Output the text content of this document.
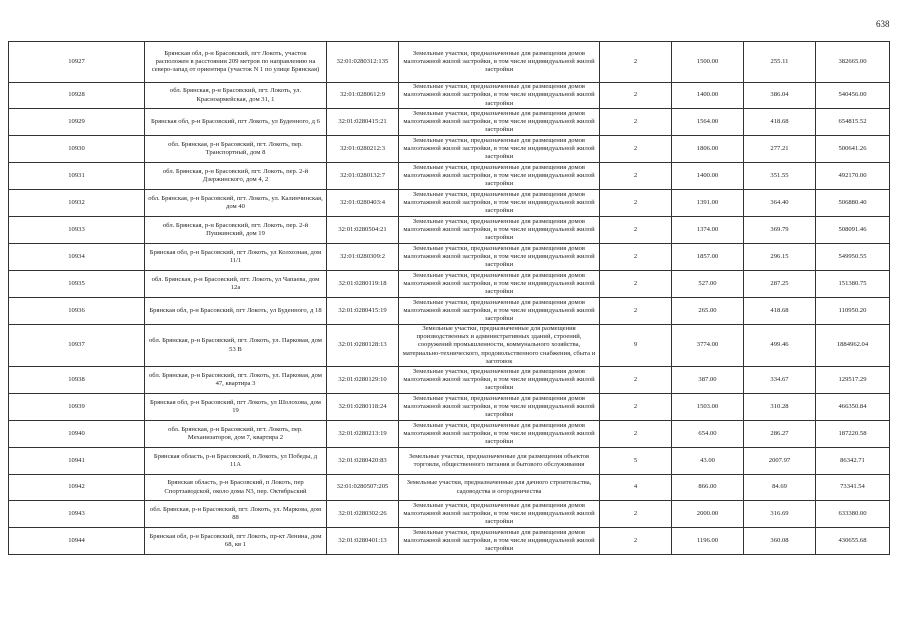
638
10927	Брянская обл, р-н Брасовский, пгт Локоть, участок расположен в расстоянии 209 метров по направлению на северо-запад от ориентира (участок N 1 по улице Брянская)	32:01:0280312:135	Земельные участки, предназначенные для размещения домов малоэтажной жилой застройки, в том числе индивидуальной жилой застройки	2	1500.00	255.11	382665.00
10928	обл. Брянская, р-н Брасовский, пгт. Локоть, ул. Красноармейская, дом 31, 1	32:01:0280612:9	Земельные участки, предназначенные для размещения домов малоэтажной жилой застройки, в том числе индивидуальной жилой застройки	2	1400.00	386.04	540456.00
10929	Брянская обл, р-н Брасовский, пгт Локоть, ул Буденного, д 6	32:01:0280415:21	Земельные участки, предназначенные для размещения домов малоэтажной жилой застройки, в том числе индивидуальной жилой застройки	2	1564.00	418.68	654815.52
10930	обл. Брянская, р-н Брасовский, пгт. Локоть, пер. Транспортный, дом 8	32:01:0280212:3	Земельные участки, предназначенные для размещения домов малоэтажной жилой застройки, в том числе индивидуальной жилой застройки	2	1806.00	277.21	500641.26
10931	обл. Брянская, р-н Брасовский, пгт. Локоть, пер. 2-й Дзержинского, дом 4, 2	32:01:0280132:7	Земельные участки, предназначенные для размещения домов малоэтажной жилой застройки, в том числе индивидуальной жилой застройки	2	1400.00	351.55	492170.00
10932	обл. Брянская, р-н Брасовский, пгт. Локоть, ул. Калинчинская, дом 40	32:01:0280403:4	Земельные участки, предназначенные для размещения домов малоэтажной жилой застройки, в том числе индивидуальной жилой застройки	2	1391.00	364.40	506880.40
10933	обл. Брянская, р-н Брасовский, пгт. Локоть, пер. 2-й Пушкинский, дом 19	32:01:0280504:21	Земельные участки, предназначенные для размещения домов малоэтажной жилой застройки, в том числе индивидуальной жилой застройки	2	1374.00	369.79	508091.46
10934	Брянская обл, р-н Брасовский, пгт Локоть, ул Колхозная, дом 11/1	32:01:0280309:2	Земельные участки, предназначенные для размещения домов малоэтажной жилой застройки, в том числе индивидуальной жилой застройки	2	1857.00	296.15	549950.55
10935	обл. Брянская, р-н Брасовский, пгт. Локоть, ул Чапаева, дом 12а	32:01:0280119:18	Земельные участки, предназначенные для размещения домов малоэтажной жилой застройки, в том числе индивидуальной жилой застройки	2	527.00	287.25	151380.75
10936	Брянская обл, р-н Брасовский, пгт Локоть, ул Буденного, д 18	32:01:0280415:19	Земельные участки, предназначенные для размещения домов малоэтажной жилой застройки, в том числе индивидуальной жилой застройки	2	265.00	418.68	110950.20
10937	обл. Брянская, р-н Брасовский, пгт. Локоть, ул. Парковая, дом 53 В	32:01:0280128:13	Земельные участки, предназначенные для размещения производственных и административных зданий, строений, сооружений промышленности, коммунального хозяйства, материально-технического, продовольственного снабжения, сбыта и заготовок	9	3774.00	499.46	1884962.04
10938	обл. Брянская, р-н Брасовский, пгт. Локоть, ул. Парковая, дом 47, квартира 3	32:01:0280129:10	Земельные участки, предназначенные для размещения домов малоэтажной жилой застройки, в том числе индивидуальной жилой застройки	2	387.00	334.67	129517.29
10939	Брянская обл, р-н Брасовский, пгт Локоть, ул Шолохова, дом 19	32:01:0280118:24	Земельные участки, предназначенные для размещения домов малоэтажной жилой застройки, в том числе индивидуальной жилой застройки	2	1503.00	310.28	466350.84
10940	обл. Брянская, р-н Брасовский, пгт. Локоть, пер. Механизаторов, дом 7, квартира 2	32:01:0280213:19	Земельные участки, предназначенные для размещения домов малоэтажной жилой застройки, в том числе индивидуальной жилой застройки	2	654.00	286.27	187220.58
10941	Брянская область, р-н Брасовский, п Локоть, ул Победы, д 11А	32:01:0280420:83	Земельные участки, предназначенные для размещения объектов торговли, общественного питания и бытового обслуживания	5	43.00	2007.97	86342.71
10942	Брянская область, р-н Брасовский, п Локоть, пер Спортзаводской, около дома N3, пер. Октябрьский	32:01:0280507:205	Земельные участки, предназначенные для дачного строительства, садоводства и огородничества	4	866.00	84.69	73341.54
10943	обл. Брянская, р-н Брасовский, пгт. Локоть, ул. Маркова, дом 88	32:01:0280302:26	Земельные участки, предназначенные для размещения домов малоэтажной жилой застройки, в том числе индивидуальной жилой застройки	2	2000.00	316.69	633380.00
10944	Брянская обл, р-н Брасовский, пгт Локоть, пр-кт Ленина, дом 68, кв 1	32:01:0280401:13	Земельные участки, предназначенные для размещения домов малоэтажной жилой застройки, в том числе индивидуальной жилой застройки	2	1196.00	360.08	430655.68
